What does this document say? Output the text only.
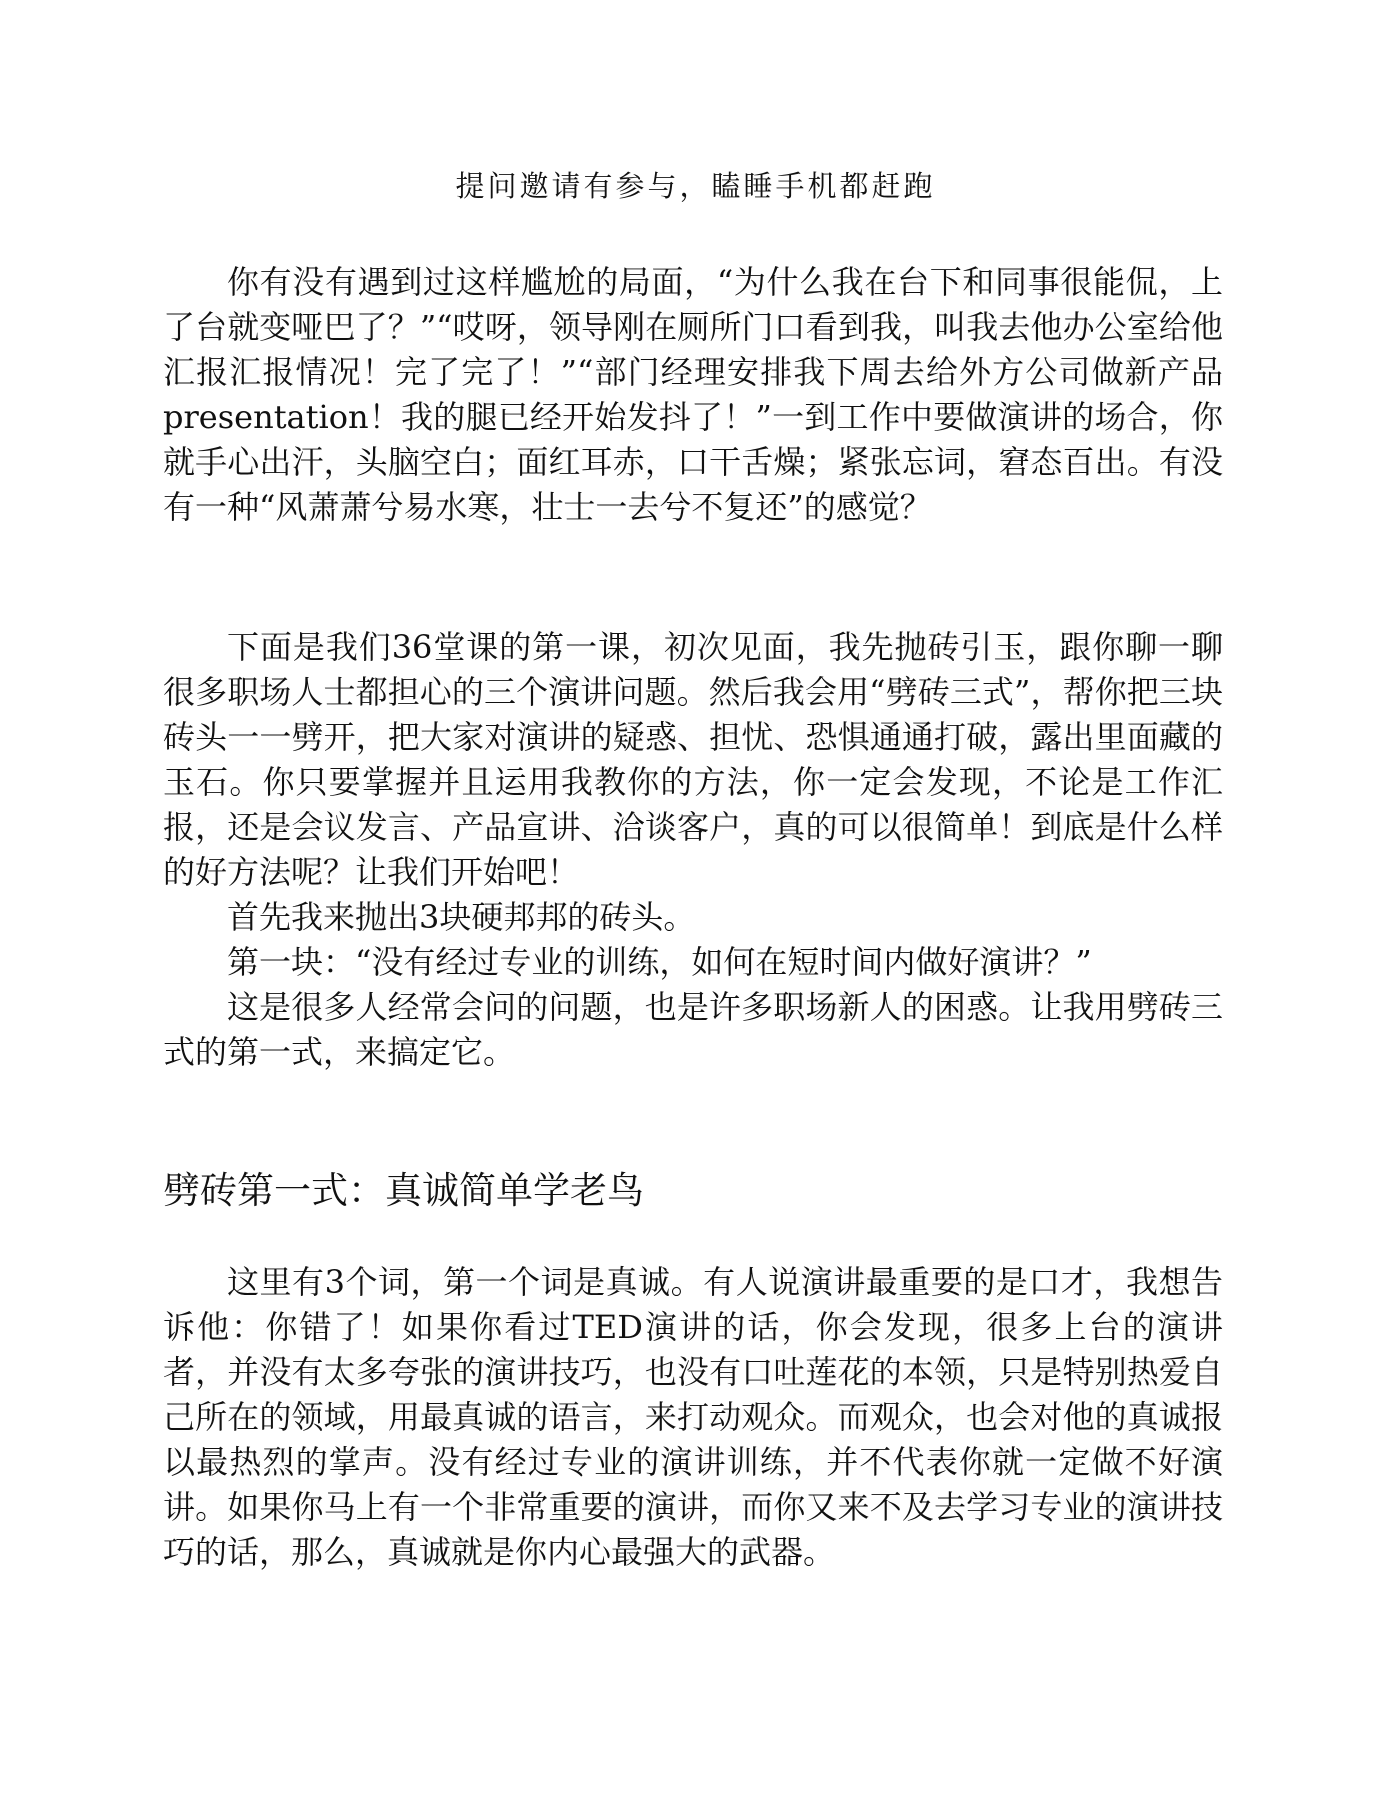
提问邀请有参与，瞌睡手机都赶跑

你有没有遇到过这样尴尬的局面，“为什么我在台下和同事很能侃，上了台就变哑巴了？”“哎呀，领导刚在厕所门口看到我，叫我去他办公室给他汇报汇报情况！完了完了！”“部门经理安排我下周去给外方公司做新产品presentation！我的腿已经开始发抖了！”一到工作中要做演讲的场合，你就手心出汗，头脑空白；面红耳赤，口干舌燥；紧张忘词，窘态百出。有没有一种“风萧萧兮易水寒，壮士一去兮不复还”的感觉？

下面是我们36堂课的第一课，初次见面，我先抛砖引玉，跟你聊一聊很多职场人士都担心的三个演讲问题。然后我会用“劈砖三式”，帮你把三块砖头一一劈开，把大家对演讲的疑惑、担忧、恐惧通通打破，露出里面藏的玉石。你只要掌握并且运用我教你的方法，你一定会发现，不论是工作汇报，还是会议发言、产品宣讲、洽谈客户，真的可以很简单！到底是什么样的好方法呢？让我们开始吧！

首先我来抛出3块硬邦邦的砖头。

第一块：“没有经过专业的训练，如何在短时间内做好演讲？”

这是很多人经常会问的问题，也是许多职场新人的困惑。让我用劈砖三式的第一式，来搞定它。

劈砖第一式：真诚简单学老鸟

这里有3个词，第一个词是真诚。有人说演讲最重要的是口才，我想告诉他：你错了！如果你看过TED演讲的话，你会发现，很多上台的演讲者，并没有太多夸张的演讲技巧，也没有口吐莲花的本领，只是特别热爱自己所在的领域，用最真诚的语言，来打动观众。而观众，也会对他的真诚报以最热烈的掌声。没有经过专业的演讲训练，并不代表你就一定做不好演讲。如果你马上有一个非常重要的演讲，而你又来不及去学习专业的演讲技巧的话，那么，真诚就是你内心最强大的武器。
